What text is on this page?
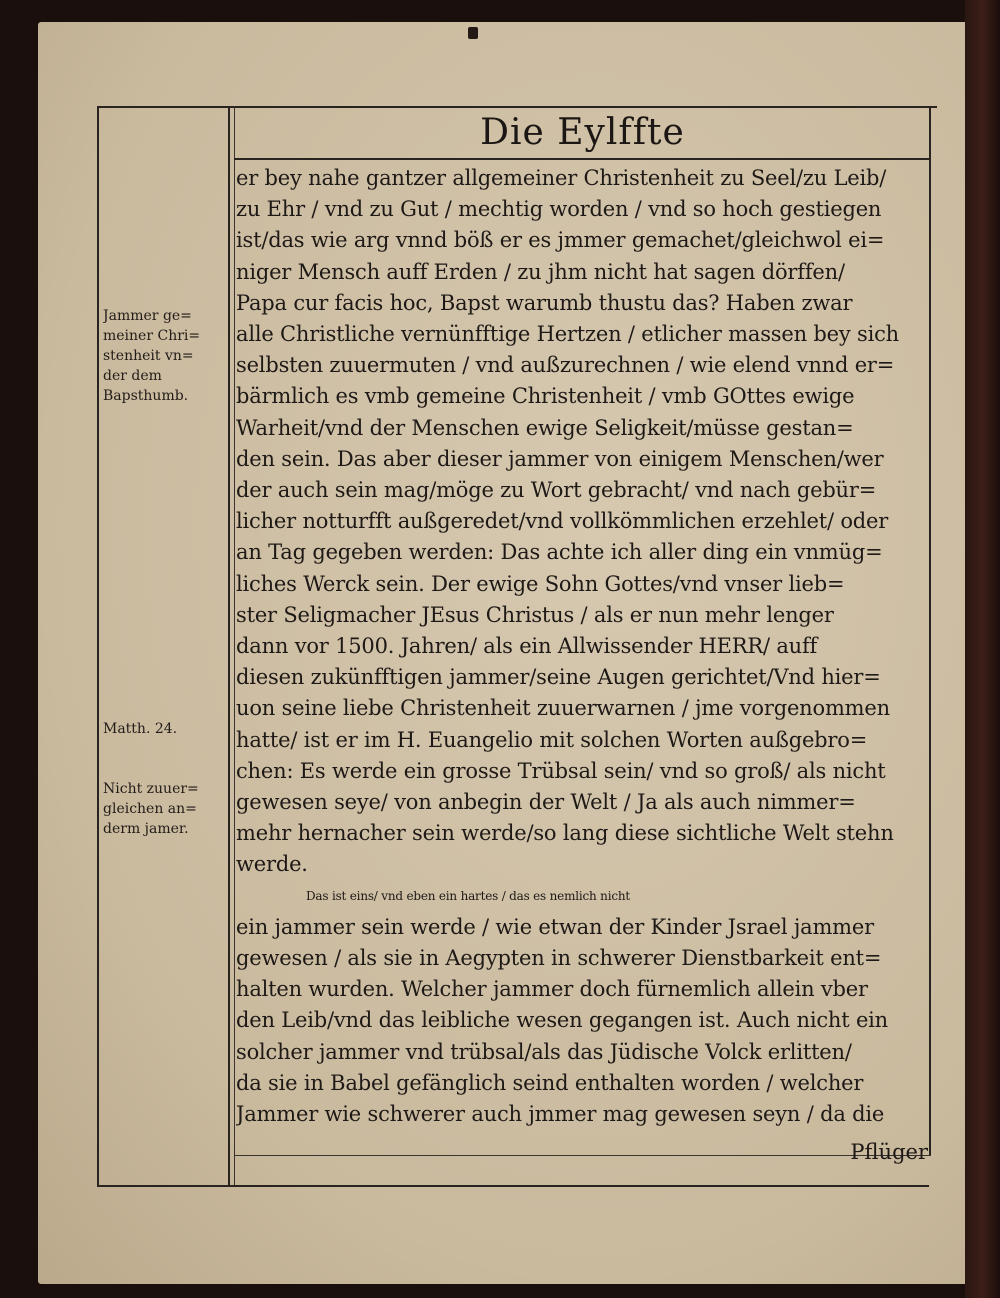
Die Eylffte
er bey nahe gantzer allgemeiner Christenheit zu Seel/zu Leib/
zu Ehr / vnd zu Gut / mechtig worden / vnd so hoch gestiegen
ist/das wie arg vnnd böß er es jmmer gemachet/gleichwol ei=
niger Mensch auff Erden / zu jhm nicht hat sagen dörffen/
Papa cur facis hoc, Bapst warumb thustu das? Haben zwar
alle Christliche vernünfftige Hertzen / etlicher massen bey sich
selbsten zuuermuten / vnd außzurechnen / wie elend vnnd er=
bärmlich es vmb gemeine Christenheit / vmb GOttes ewige
Warheit/vnd der Menschen ewige Seligkeit/müsse gestan=
den sein. Das aber dieser jammer von einigem Menschen/wer
der auch sein mag/möge zu Wort gebracht/ vnd nach gebür=
licher notturfft außgeredet/vnd vollkömmlichen erzehlet/ oder
an Tag gegeben werden: Das achte ich aller ding ein vnmüg=
liches Werck sein. Der ewige Sohn Gottes/vnd vnser lieb=
ster Seligmacher JEsus Christus / als er nun mehr lenger
dann vor 1500. Jahren/ als ein Allwissender HERR/ auff
diesen zukünfftigen jammer/seine Augen gerichtet/Vnd hier=
uon seine liebe Christenheit zuuerwarnen / jme vorgenommen
hatte/ ist er im H. Euangelio mit solchen Worten außgebro=
chen: Es werde ein grosse Trübsal sein/ vnd so groß/ als nicht
gewesen seye/ von anbegin der Welt / Ja als auch nimmer=
mehr hernacher sein werde/so lang diese sichtliche Welt stehn
werde.
Das ist eins/ vnd eben ein hartes / das es nemlich nicht
ein jammer sein werde / wie etwan der Kinder Jsrael jammer
gewesen / als sie in Aegypten in schwerer Dienstbarkeit ent=
halten wurden. Welcher jammer doch fürnemlich allein vber
den Leib/vnd das leibliche wesen gegangen ist. Auch nicht ein
solcher jammer vnd trübsal/als das Jüdische Volck erlitten/
da sie in Babel gefänglich seind enthalten worden / welcher
Jammer wie schwerer auch jmmer mag gewesen seyn / da die
Jammer ge=
meiner Chri=
stenheit vn=
der dem
Bapsthumb.
Matth. 24.
Nicht zuuer=
gleichen an=
derm jamer.
Pflüger
